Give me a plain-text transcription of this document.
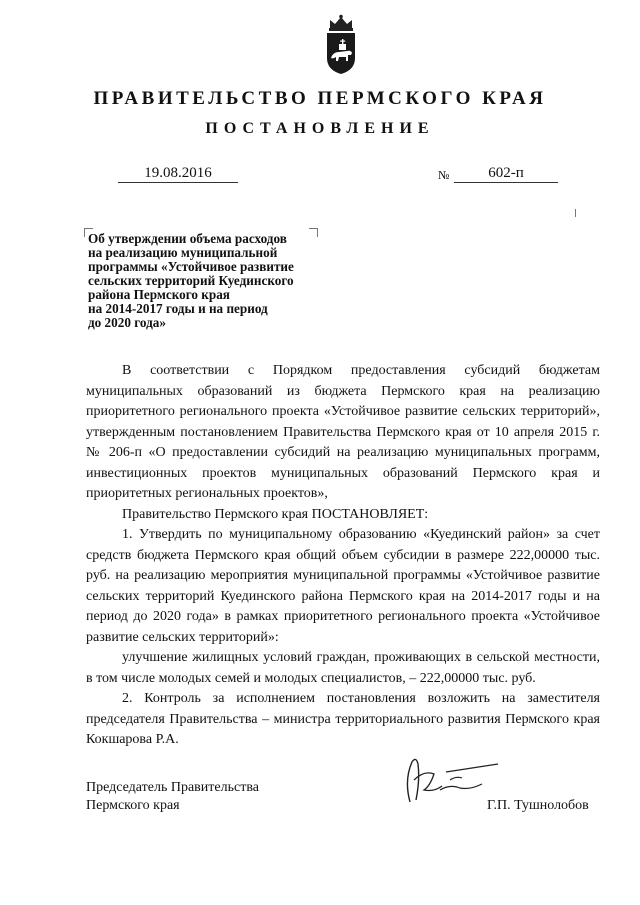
ПРАВИТЕЛЬСТВО ПЕРМСКОГО КРАЯ
ПОСТАНОВЛЕНИЕ
19.08.2016	№	602-п
Об утверждении объема расходов
на реализацию муниципальной
программы «Устойчивое развитие
сельских территорий Куединского
района Пермского края
на 2014-2017 годы и на период
до 2020 года»

В соответствии с Порядком предоставления субсидий бюджетам муниципальных образований из бюджета Пермского края на реализацию приоритетного регионального проекта «Устойчивое развитие сельских территорий», утвержденным постановлением Правительства Пермского края от 10 апреля 2015 г. № 206-п «О предоставлении субсидий на реализацию муниципальных программ, инвестиционных проектов муниципальных образований Пермского края и приоритетных региональных проектов»,

Правительство Пермского края ПОСТАНОВЛЯЕТ:

1. Утвердить по муниципальному образованию «Куединский район» за счет средств бюджета Пермского края общий объем субсидии в размере 222,00000 тыс. руб. на реализацию мероприятия муниципальной программы «Устойчивое развитие сельских территорий Куединского района Пермского края на 2014-2017 годы и на период до 2020 года» в рамках приоритетного регионального проекта «Устойчивое развитие сельских территорий»:

улучшение жилищных условий граждан, проживающих в сельской местности, в том числе молодых семей и молодых специалистов, – 222,00000 тыс. руб.

2. Контроль за исполнением постановления возложить на заместителя председателя Правительства – министра территориального развития Пермского края Кокшарова Р.А.

Председатель Правительства
Пермского края	Г.П. Тушнолобов
